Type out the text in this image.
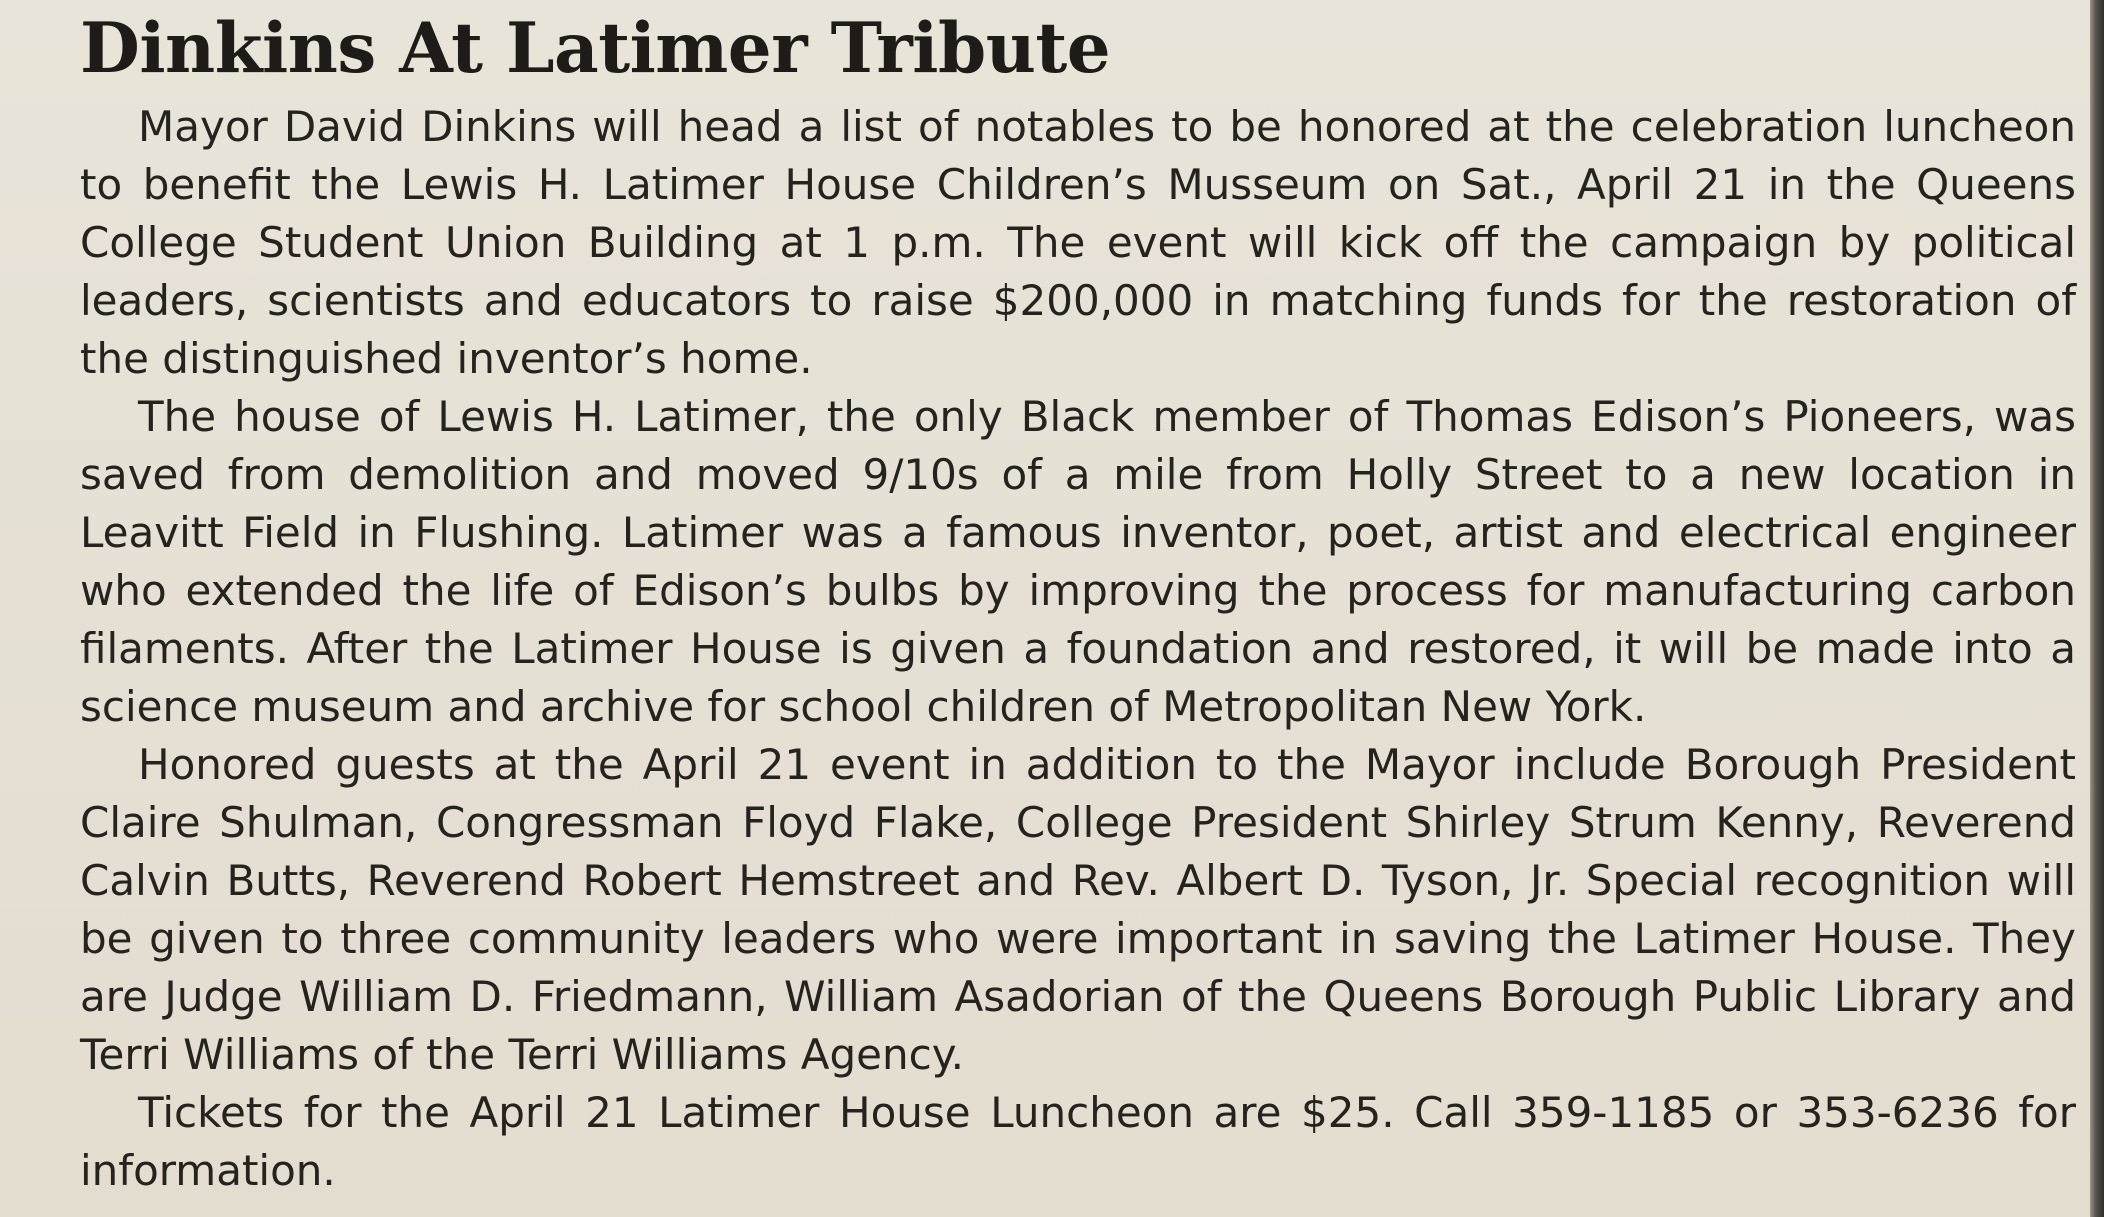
Dinkins At Latimer Tribute

Mayor David Dinkins will head a list of notables to be honored at the celebration luncheon to benefit the Lewis H. Latimer House Children’s Musseum on Sat., April 21 in the Queens College Student Union Building at 1 p.m. The event will kick off the campaign by political leaders, scientists and educators to raise $200,000 in matching funds for the restoration of the distinguished inventor’s home.

The house of Lewis H. Latimer, the only Black member of Thomas Edison’s Pioneers, was saved from demolition and moved 9/10s of a mile from Holly Street to a new location in Leavitt Field in Flushing. Latimer was a famous inventor, poet, artist and electrical engineer who extended the life of Edison’s bulbs by improving the process for manufacturing carbon filaments. After the Latimer House is given a foundation and restored, it will be made into a science museum and archive for school children of Metropolitan New York.

Honored guests at the April 21 event in addition to the Mayor include Borough President Claire Shulman, Congressman Floyd Flake, College President Shirley Strum Kenny, Reverend Calvin Butts, Reverend Robert Hemstreet and Rev. Albert D. Tyson, Jr. Special recognition will be given to three community leaders who were important in saving the Latimer House. They are Judge William D. Friedmann, William Asadorian of the Queens Borough Public Library and Terri Williams of the Terri Williams Agency.

Tickets for the April 21 Latimer House Luncheon are $25. Call 359-1185 or 353-6236 for information.
